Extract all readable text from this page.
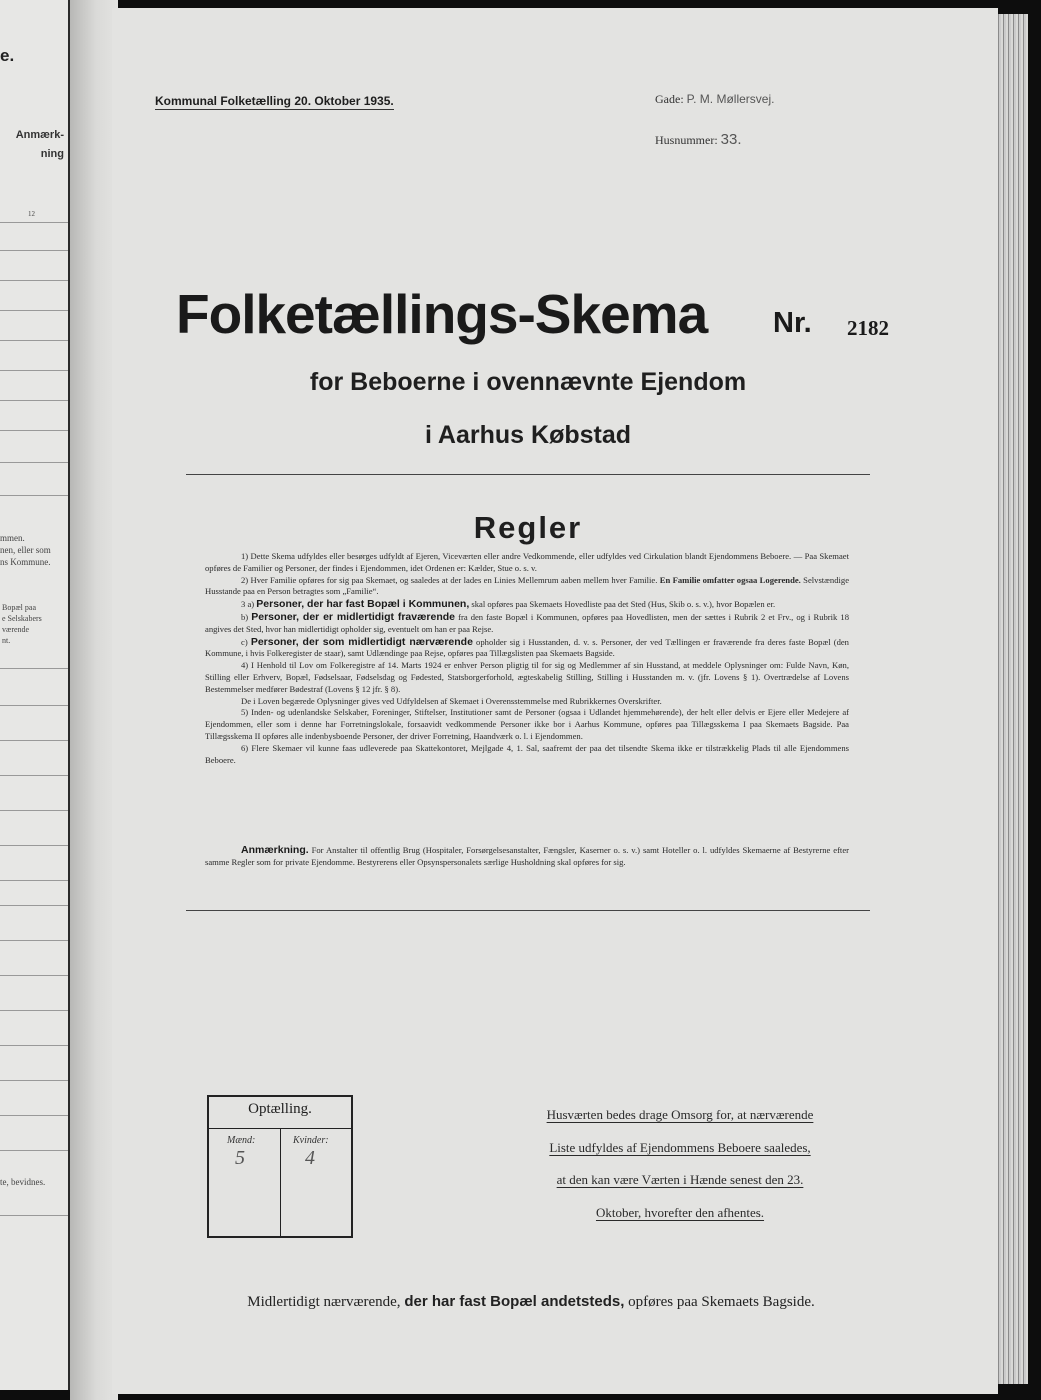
e.
Anmærk-
ning
12
mmen.
nen, eller som
ns Kommune.
Bopæl paa
e Selskabers
værende
nt.
te, bevidnes.
Kommunal Folketælling 20. Oktober 1935.	Gade: P. M. Møllersvej.
Husnummer: 33.
Folketællings-Skema Nr. 2182
for Beboerne i ovennævnte Ejendom
i Aarhus Købstad
Regler

1) Dette Skema udfyldes eller besørges udfyldt af Ejeren, Viceværten eller andre Vedkommende, eller udfyldes ved Cirkulation blandt Ejendommens Beboere. — Paa Skemaet opføres de Familier og Personer, der findes i Ejendommen, idet Ordenen er: Kælder, Stue o. s. v.

2) Hver Familie opføres for sig paa Skemaet, og saaledes at der lades en Linies Mellemrum aaben mellem hver Familie. En Familie omfatter ogsaa Logerende. Selvstændige Husstande paa en Person betragtes som „Familie“.

3 a) Personer, der har fast Bopæl i Kommunen, skal opføres paa Skemaets Hovedliste paa det Sted (Hus, Skib o. s. v.), hvor Bopælen er.

b) Personer, der er midlertidigt fraværende fra den faste Bopæl i Kommunen, opføres paa Hovedlisten, men der sættes i Rubrik 2 et Frv., og i Rubrik 18 angives det Sted, hvor han midlertidigt opholder sig, eventuelt om han er paa Rejse.

c) Personer, der som midlertidigt nærværende opholder sig i Husstanden, d. v. s. Personer, der ved Tællingen er fraværende fra deres faste Bopæl (den Kommune, i hvis Folkeregister de staar), samt Udlændinge paa Rejse, opføres paa Tillægslisten paa Skemaets Bagside.

4) I Henhold til Lov om Folkeregistre af 14. Marts 1924 er enhver Person pligtig til for sig og Medlemmer af sin Husstand, at meddele Oplysninger om: Fulde Navn, Køn, Stilling eller Erhverv, Bopæl, Fødselsaar, Fødselsdag og Fødested, Statsborgerforhold, ægteskabelig Stilling, Stilling i Husstanden m. v. (jfr. Lovens § 1). Overtrædelse af Lovens Bestemmelser medfører Bødestraf (Lovens § 12 jfr. § 8).

De i Loven begærede Oplysninger gives ved Udfyldelsen af Skemaet i Overensstemmelse med Rubrikkernes Overskrifter.

5) Inden- og udenlandske Selskaber, Foreninger, Stiftelser, Institutioner samt de Personer (ogsaa i Udlandet hjemmehørende), der helt eller delvis er Ejere eller Medejere af Ejendommen, eller som i denne har Forretningslokale, forsaavidt vedkommende Personer ikke bor i Aarhus Kommune, opføres paa Tillægsskema I paa Skemaets Bagside. Paa Tillægsskema II opføres alle indenbysboende Personer, der driver Forretning, Haandværk o. l. i Ejendommen.

6) Flere Skemaer vil kunne faas udleverede paa Skattekontoret, Mejlgade 4, 1. Sal, saafremt der paa det tilsendte Skema ikke er tilstrækkelig Plads til alle Ejendommens Beboere.

Anmærkning. For Anstalter til offentlig Brug (Hospitaler, Forsørgelsesanstalter, Fængsler, Kaserner o. s. v.) samt Hoteller o. l. udfyldes Skemaerne af Bestyrerne efter samme Regler som for private Ejendomme. Bestyrerens eller Opsynspersonalets særlige Husholdning skal opføres for sig.
Optælling.
Mænd:
5
Kvinder:
4
Husværten bedes drage Omsorg for, at nærværende
Liste udfyldes af Ejendommens Beboere saaledes,
at den kan være Værten i Hænde senest den 23.
Oktober, hvorefter den afhentes.
Midlertidigt nærværende, der har fast Bopæl andetsteds, opføres paa Skemaets Bagside.
